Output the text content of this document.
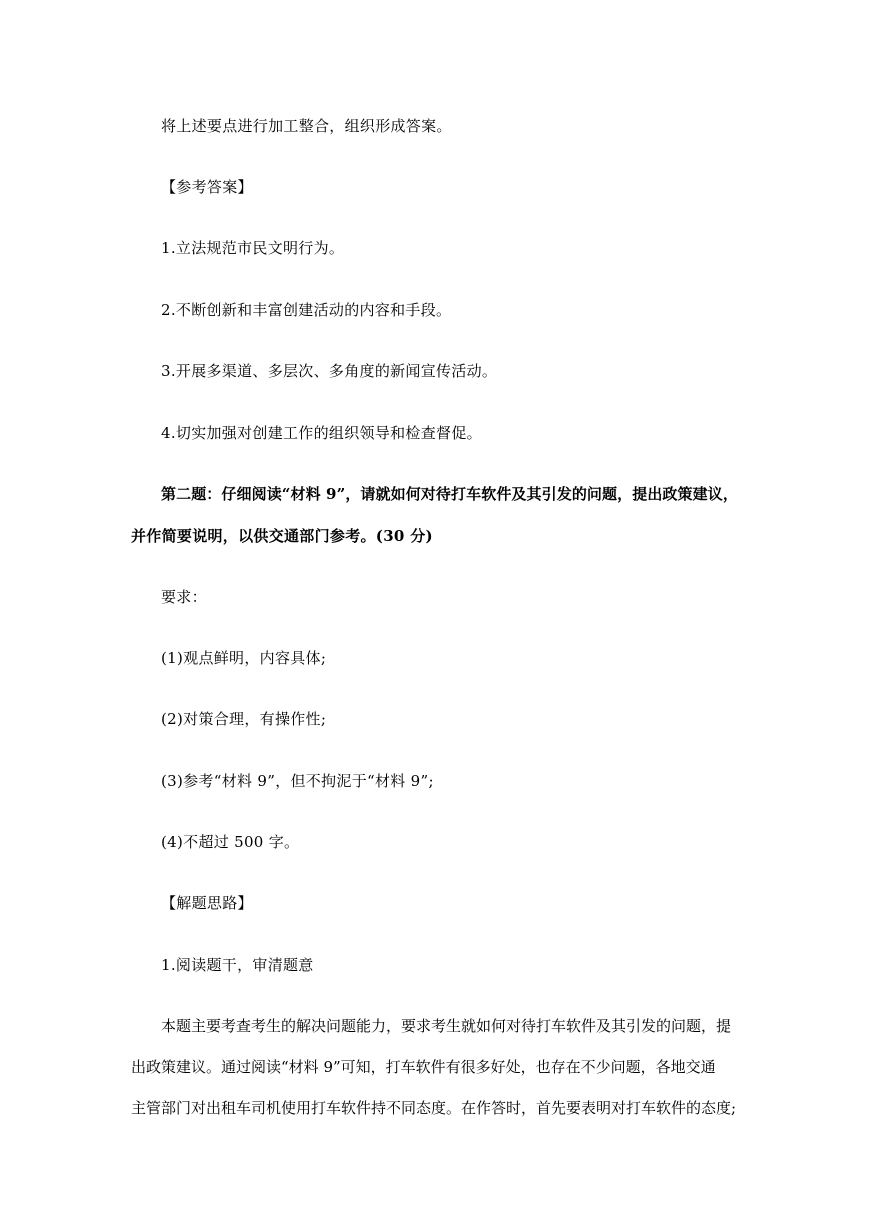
将上述要点进行加工整合，组织形成答案。
【参考答案】
1.立法规范市民文明行为。
2.不断创新和丰富创建活动的内容和手段。
3.开展多渠道、多层次、多角度的新闻宣传活动。
4.切实加强对创建工作的组织领导和检查督促。
第二题：仔细阅读“材料 9”，请就如何对待打车软件及其引发的问题，提出政策建议，
并作简要说明，以供交通部门参考。(30 分)
要求：
(1)观点鲜明，内容具体;
(2)对策合理，有操作性;
(3)参考“材料 9”，但不拘泥于“材料 9”;
(4)不超过 500 字。
【解题思路】
1.阅读题干，审清题意
本题主要考查考生的解决问题能力，要求考生就如何对待打车软件及其引发的问题，提
出政策建议。通过阅读“材料 9”可知，打车软件有很多好处，也存在不少问题，各地交通
主管部门对出租车司机使用打车软件持不同态度。在作答时，首先要表明对打车软件的态度;
